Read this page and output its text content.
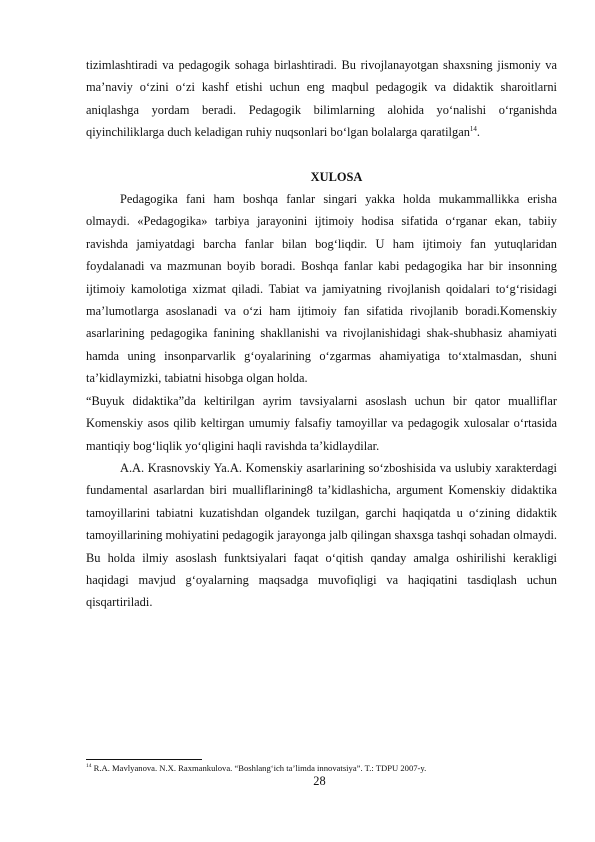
tizimlashtiradi va pedagogik sohaga birlashtiradi. Bu rivojlanayotgan shaxsning jismoniy va ma’naviy o‘zini o‘zi kashf etishi uchun eng maqbul pedagogik va didaktik sharoitlarni aniqlashga yordam beradi. Pedagogik bilimlarning alohida yo‘nalishi o‘rganishda qiyinchiliklarga duch keladigan ruhiy nuqsonlari bo‘lgan bolalarga qaratilgan$^{14}$.

XULOSA

Pedagogika fani ham boshqa fanlar singari yakka holda mukammallikka erisha olmaydi. «Pedagogika» tarbiya jarayonini ijtimoiy hodisa sifatida o‘rganar ekan, tabiiy ravishda jamiyatdagi barcha fanlar bilan bog‘liqdir. U ham ijtimoiy fan yutuqlaridan foydalanadi va mazmunan boyib boradi. Boshqa fanlar kabi pedagogika har bir insonning ijtimoiy kamolotiga xizmat qiladi. Tabiat va jamiyatning rivojlanish qoidalari to‘g‘risidagi ma’lumotlarga asoslanadi va o‘zi ham ijtimoiy fan sifatida rivojlanib boradi.Komenskiy asarlarining pedagogika fanining shakllanishi va rivojlanishidagi shak-shubhasiz ahamiyati hamda uning insonparvarlik g‘oyalarining o‘zgarmas ahamiyatiga to‘xtalmasdan, shuni ta’kidlaymizki, tabiatni hisobga olgan holda.

“Buyuk didaktika”da keltirilgan ayrim tavsiyalarni asoslash uchun bir qator mualliflar Komenskiy asos qilib keltirgan umumiy falsafiy tamoyillar va pedagogik xulosalar o‘rtasida mantiqiy bog‘liqlik yo‘qligini haqli ravishda ta’kidlaydilar.

A.A. Krasnovskiy Ya.A. Komenskiy asarlarining so‘zboshisida va uslubiy xarakterdagi fundamental asarlardan biri mualliflarining8 ta’kidlashicha, argument Komenskiy didaktika tamoyillarini tabiatni kuzatishdan olgandek tuzilgan, garchi haqiqatda u o‘zining didaktik tamoyillarining mohiyatini pedagogik jarayonga jalb qilingan shaxsga tashqi sohadan olmaydi. Bu holda ilmiy asoslash funktsiyalari faqat o‘qitish qanday amalga oshirilishi kerakligi haqidagi mavjud g‘oyalarning maqsadga muvofiqligi va haqiqatini tasdiqlash uchun qisqartiriladi.

$^{14}$ R.A. Mavlyanova. N.X. Raxmankulova. “Boshlang‘ich ta’limda innovatsiya”. T.: TDPU 2007-y.
28
